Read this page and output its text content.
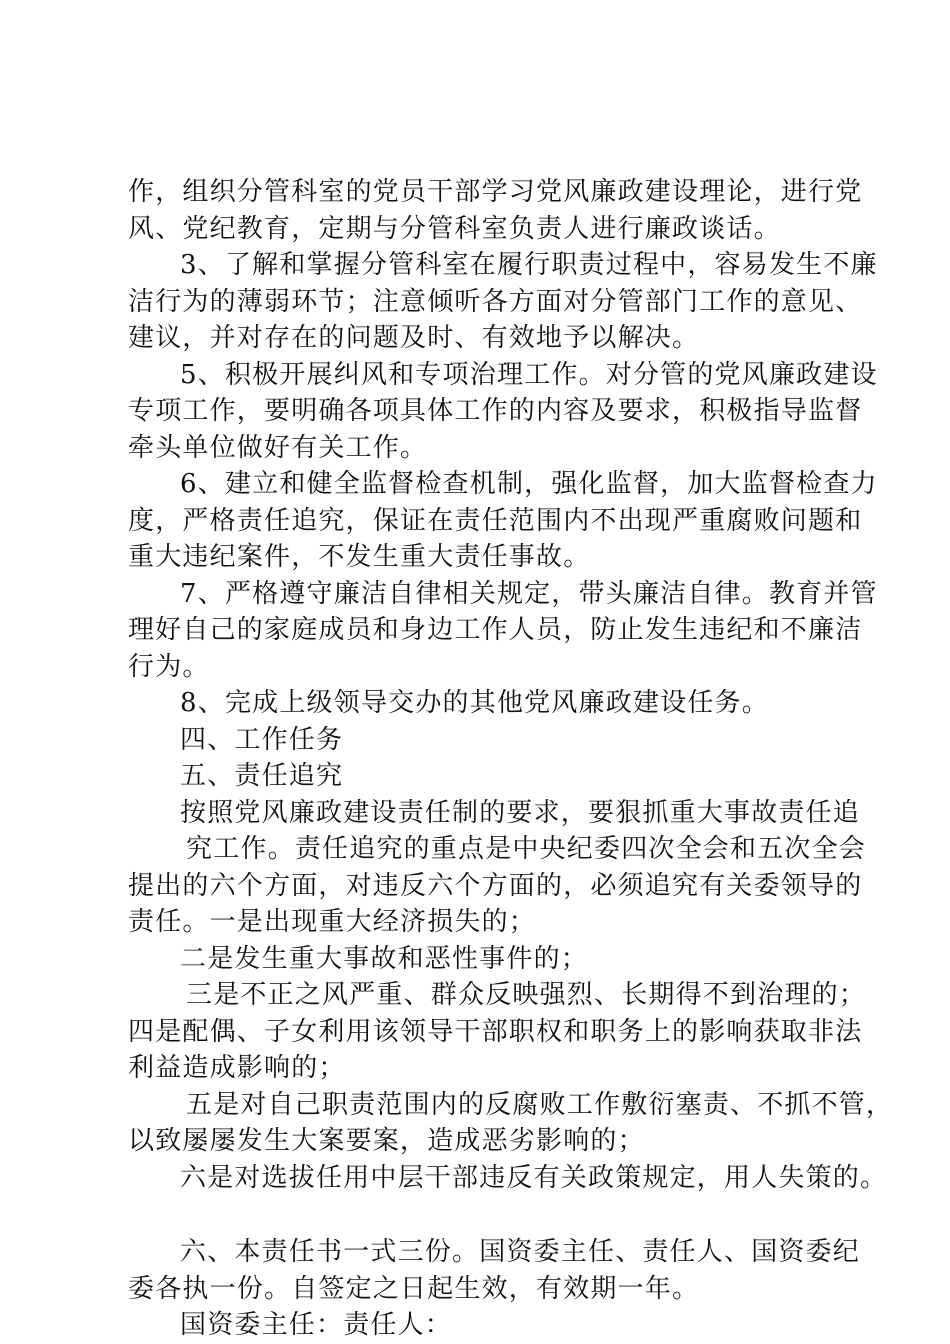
作，组织分管科室的党员干部学习党风廉政建设理论，进行党

风、党纪教育，定期与分管科室负责人进行廉政谈话。

3、了解和掌握分管科室在履行职责过程中，容易发生不廉

洁行为的薄弱环节；注意倾听各方面对分管部门工作的意见、

建议，并对存在的问题及时、有效地予以解决。

5、积极开展纠风和专项治理工作。对分管的党风廉政建设

专项工作，要明确各项具体工作的内容及要求，积极指导监督

牵头单位做好有关工作。

6、建立和健全监督检查机制，强化监督，加大监督检查力

度，严格责任追究，保证在责任范围内不出现严重腐败问题和

重大违纪案件，不发生重大责任事故。

7、严格遵守廉洁自律相关规定，带头廉洁自律。教育并管

理好自己的家庭成员和身边工作人员，防止发生违纪和不廉洁

行为。

8、完成上级领导交办的其他党风廉政建设任务。

四、工作任务

五、责任追究

按照党风廉政建设责任制的要求，要狠抓重大事故责任追

究工作。责任追究的重点是中央纪委四次全会和五次全会

提出的六个方面，对违反六个方面的，必须追究有关委领导的

责任。一是出现重大经济损失的；

二是发生重大事故和恶性事件的；

三是不正之风严重、群众反映强烈、长期得不到治理的；

四是配偶、子女利用该领导干部职权和职务上的影响获取非法

利益造成影响的；

五是对自己职责范围内的反腐败工作敷衍塞责、不抓不管，

以致屡屡发生大案要案，造成恶劣影响的；

六是对选拔任用中层干部违反有关政策规定，用人失策的。

六、本责任书一式三份。国资委主任、责任人、国资委纪

委各执一份。自签定之日起生效，有效期一年。

国资委主任：责任人：
